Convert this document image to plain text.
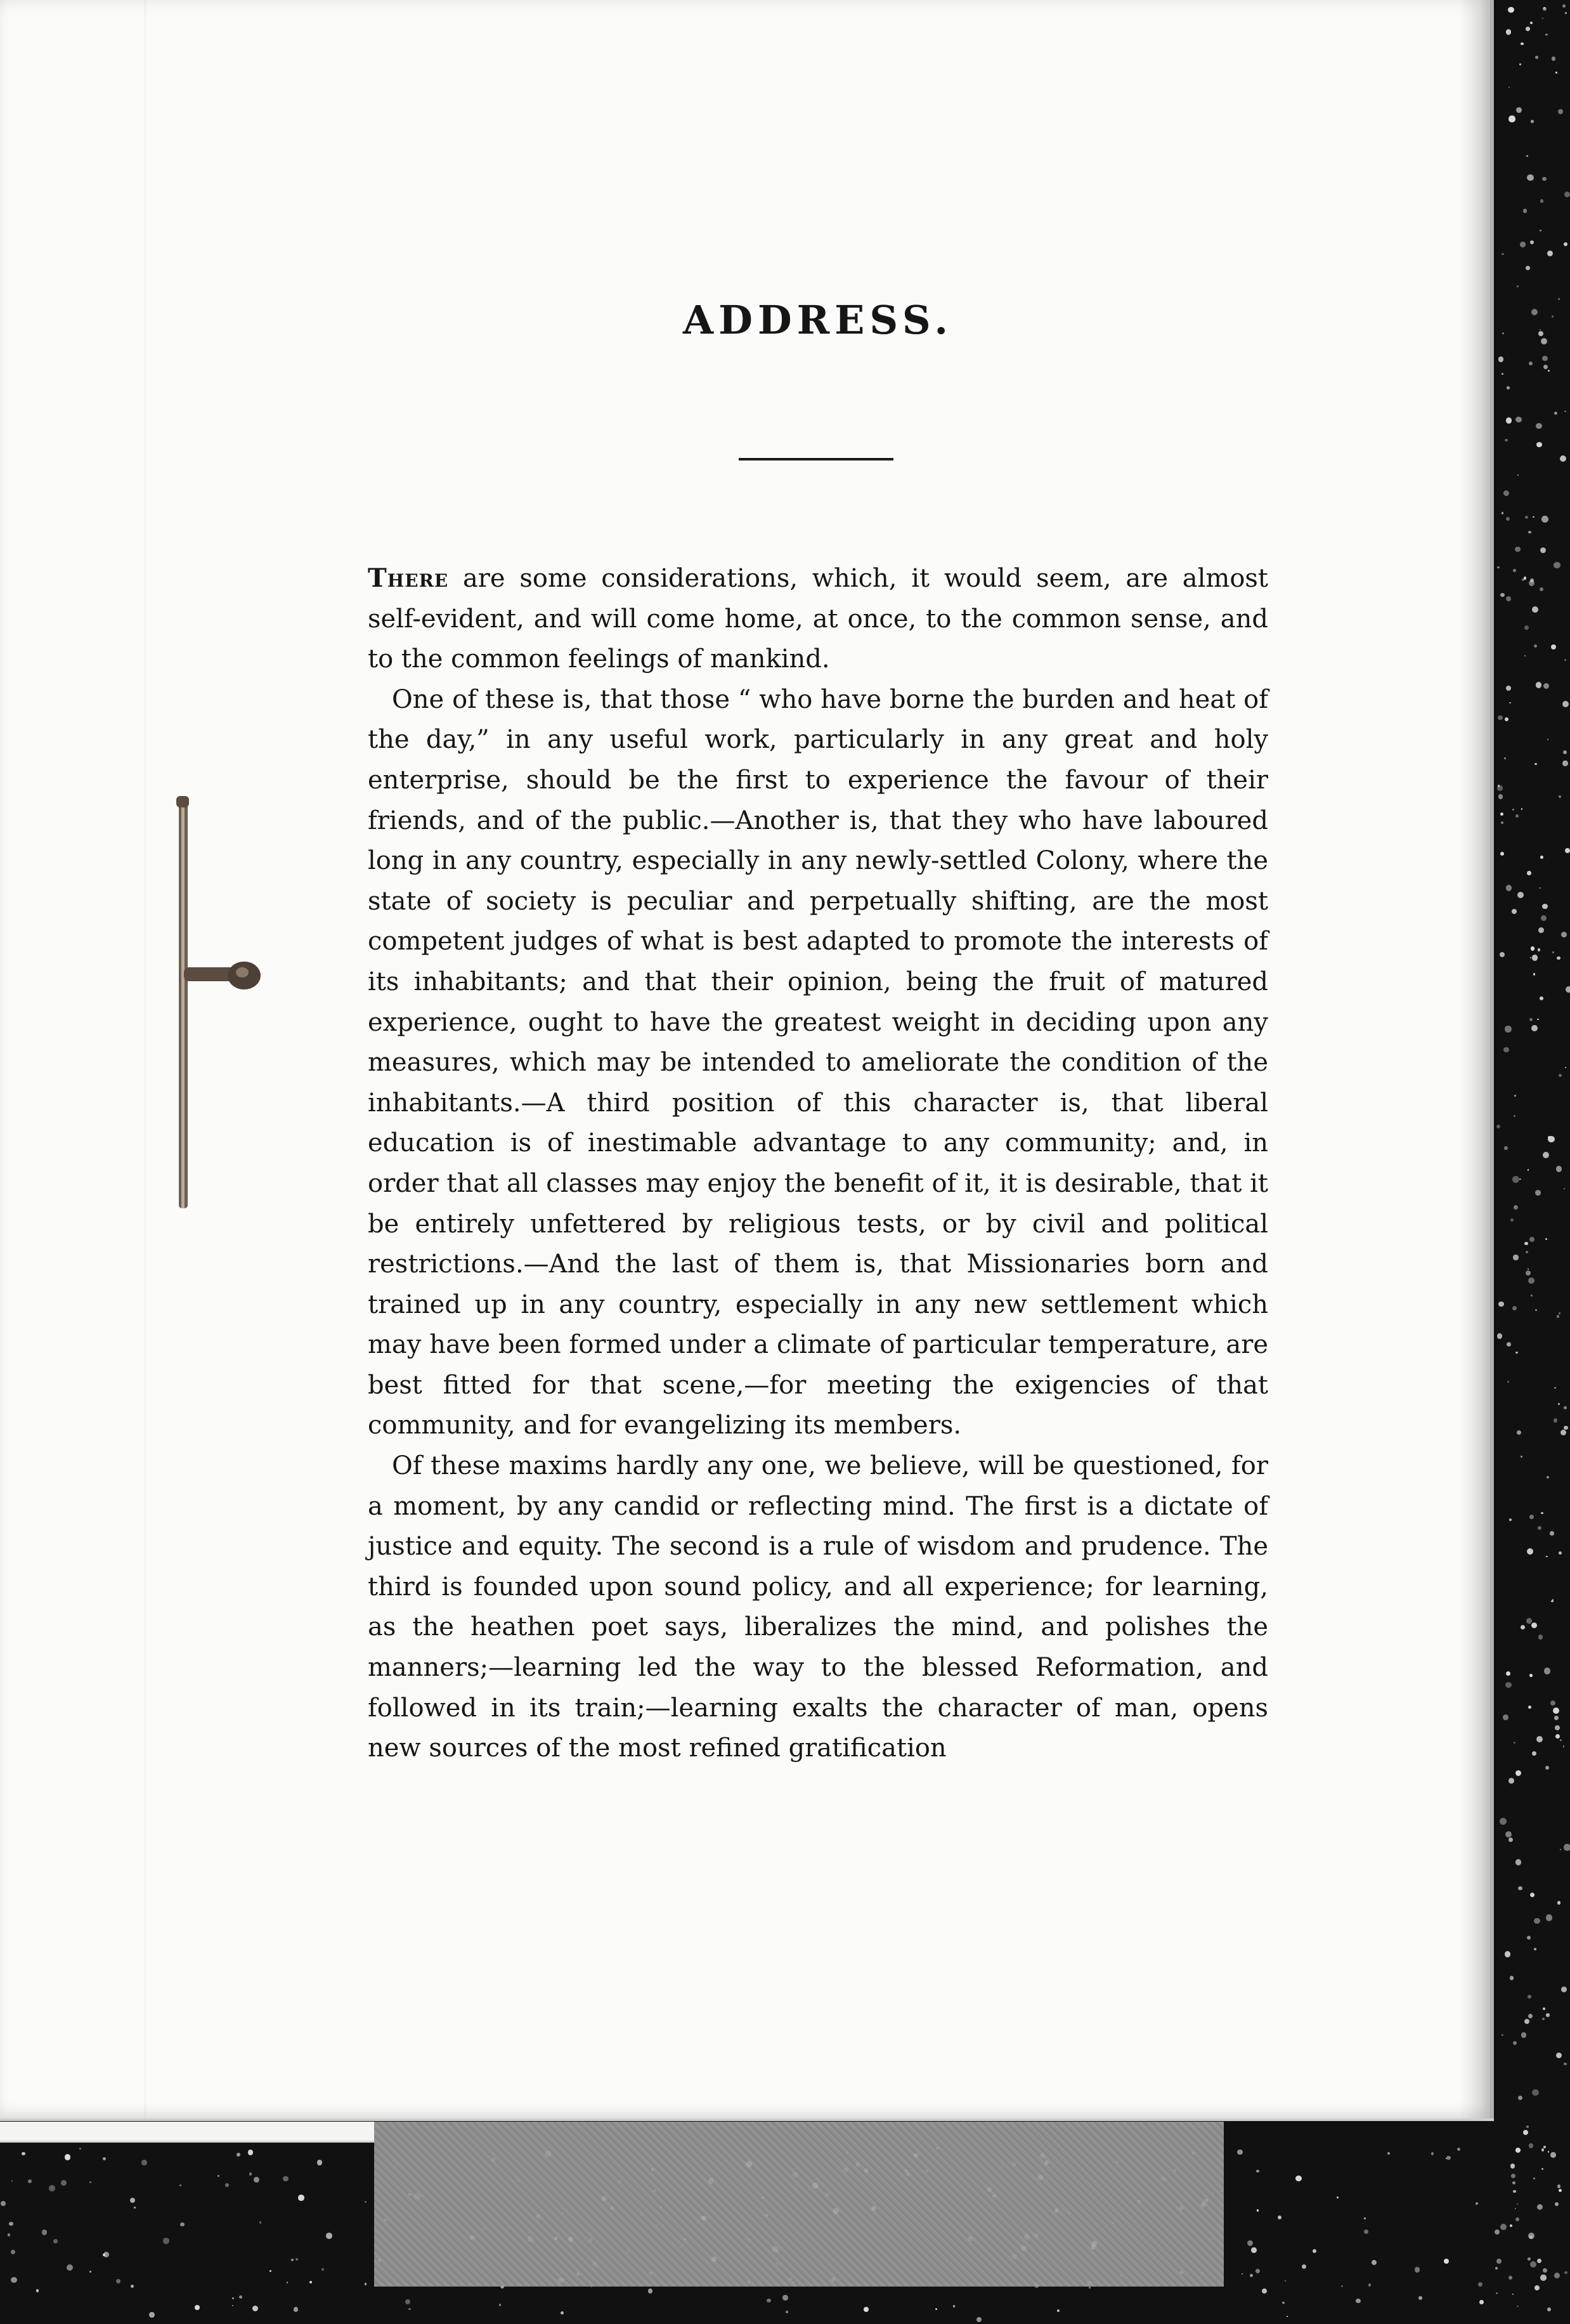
ADDRESS.

There are some considerations, which, it would seem, are almost self-evident, and will come home, at once, to the common sense, and to the common feelings of mankind.

One of these is, that those “ who have borne the burden and heat of the day,” in any useful work, particularly in any great and holy enterprise, should be the first to experience the favour of their friends, and of the public.—Another is, that they who have laboured long in any country, especially in any newly-settled Colony, where the state of society is peculiar and perpetually shifting, are the most competent judges of what is best adapted to promote the interests of its inhabitants; and that their opinion, being the fruit of matured experience, ought to have the greatest weight in deciding upon any measures, which may be intended to ameliorate the condition of the inhabitants.—A third position of this character is, that liberal education is of inestimable advantage to any community; and, in order that all classes may enjoy the benefit of it, it is desirable, that it be entirely unfettered by religious tests, or by civil and political restrictions.—And the last of them is, that Missionaries born and trained up in any country, especially in any new settlement which may have been formed under a climate of particular temperature, are best fitted for that scene,—for meeting the exigencies of that community, and for evangelizing its members.

Of these maxims hardly any one, we believe, will be questioned, for a moment, by any candid or reflecting mind. The first is a dictate of justice and equity. The second is a rule of wisdom and prudence. The third is founded upon sound policy, and all experience; for learning, as the heathen poet says, liberalizes the mind, and polishes the manners;—learning led the way to the blessed Reformation, and followed in its train;—learning exalts the character of man, opens new sources of the most refined gratification
